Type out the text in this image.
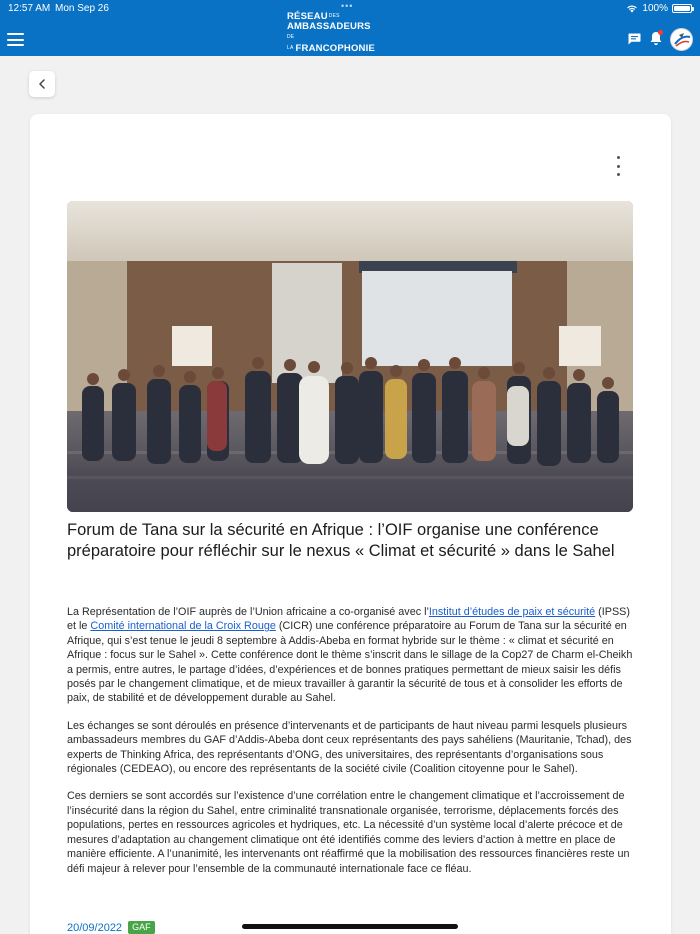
12:57 AM Mon Sep 26	•••	100%
$RÉSEAU^{DES}$
AMBASSADEURS
$^{DE LA}$ FRANCOPHONIE
Forum de Tana sur la sécurité en Afrique : l’OIF organise une conférence préparatoire pour réfléchir sur le nexus « Climat et sécurité » dans le Sahel

La Représentation de l’OIF auprès de l’Union africaine a co-organisé avec l’Institut d’études de paix et sécurité (IPSS) et le Comité international de la Croix Rouge (CICR) une conférence préparatoire au Forum de Tana sur la sécurité en Afrique, qui s’est tenue le jeudi 8 septembre à Addis-Abeba en format hybride sur le thème : « climat et sécurité en Afrique : focus sur le Sahel ». Cette conférence dont le thème s’inscrit dans le sillage de la Cop27 de Charm el-Cheikh a permis, entre autres, le partage d’idées, d’expériences et de bonnes pratiques permettant de mieux saisir les défis posés par le changement climatique, et de mieux travailler à garantir la sécurité de tous et à consolider les efforts de paix, de stabilité et de développement durable au Sahel.

Les échanges se sont déroulés en présence d’intervenants et de participants de haut niveau parmi lesquels plusieurs ambassadeurs membres du GAF d’Addis-Abeba dont ceux représentants des pays sahéliens (Mauritanie, Tchad), des experts de Thinking Africa, des représentants d’ONG, des universitaires, des représentants d’organisations sous régionales (CEDEAO), ou encore des représentants de la société civile (Coalition citoyenne pour le Sahel).

Ces derniers se sont accordés sur l’existence d’une corrélation entre le changement climatique et l’accroissement de l’insécurité dans la région du Sahel, entre criminalité transnationale organisée, terrorisme, déplacements forcés des populations, pertes en ressources agricoles et hydriques, etc. La nécessité d’un système local d’alerte précoce et de mesures d’adaptation au changement climatique ont été identifiés comme des leviers d’action à mettre en place de manière efficiente. A l’unanimité, les intervenants ont réaffirmé que la mobilisation des ressources financières reste un défi majeur à relever pour l’ensemble de la communauté internationale face ce fléau.

20/09/2022	GAF
